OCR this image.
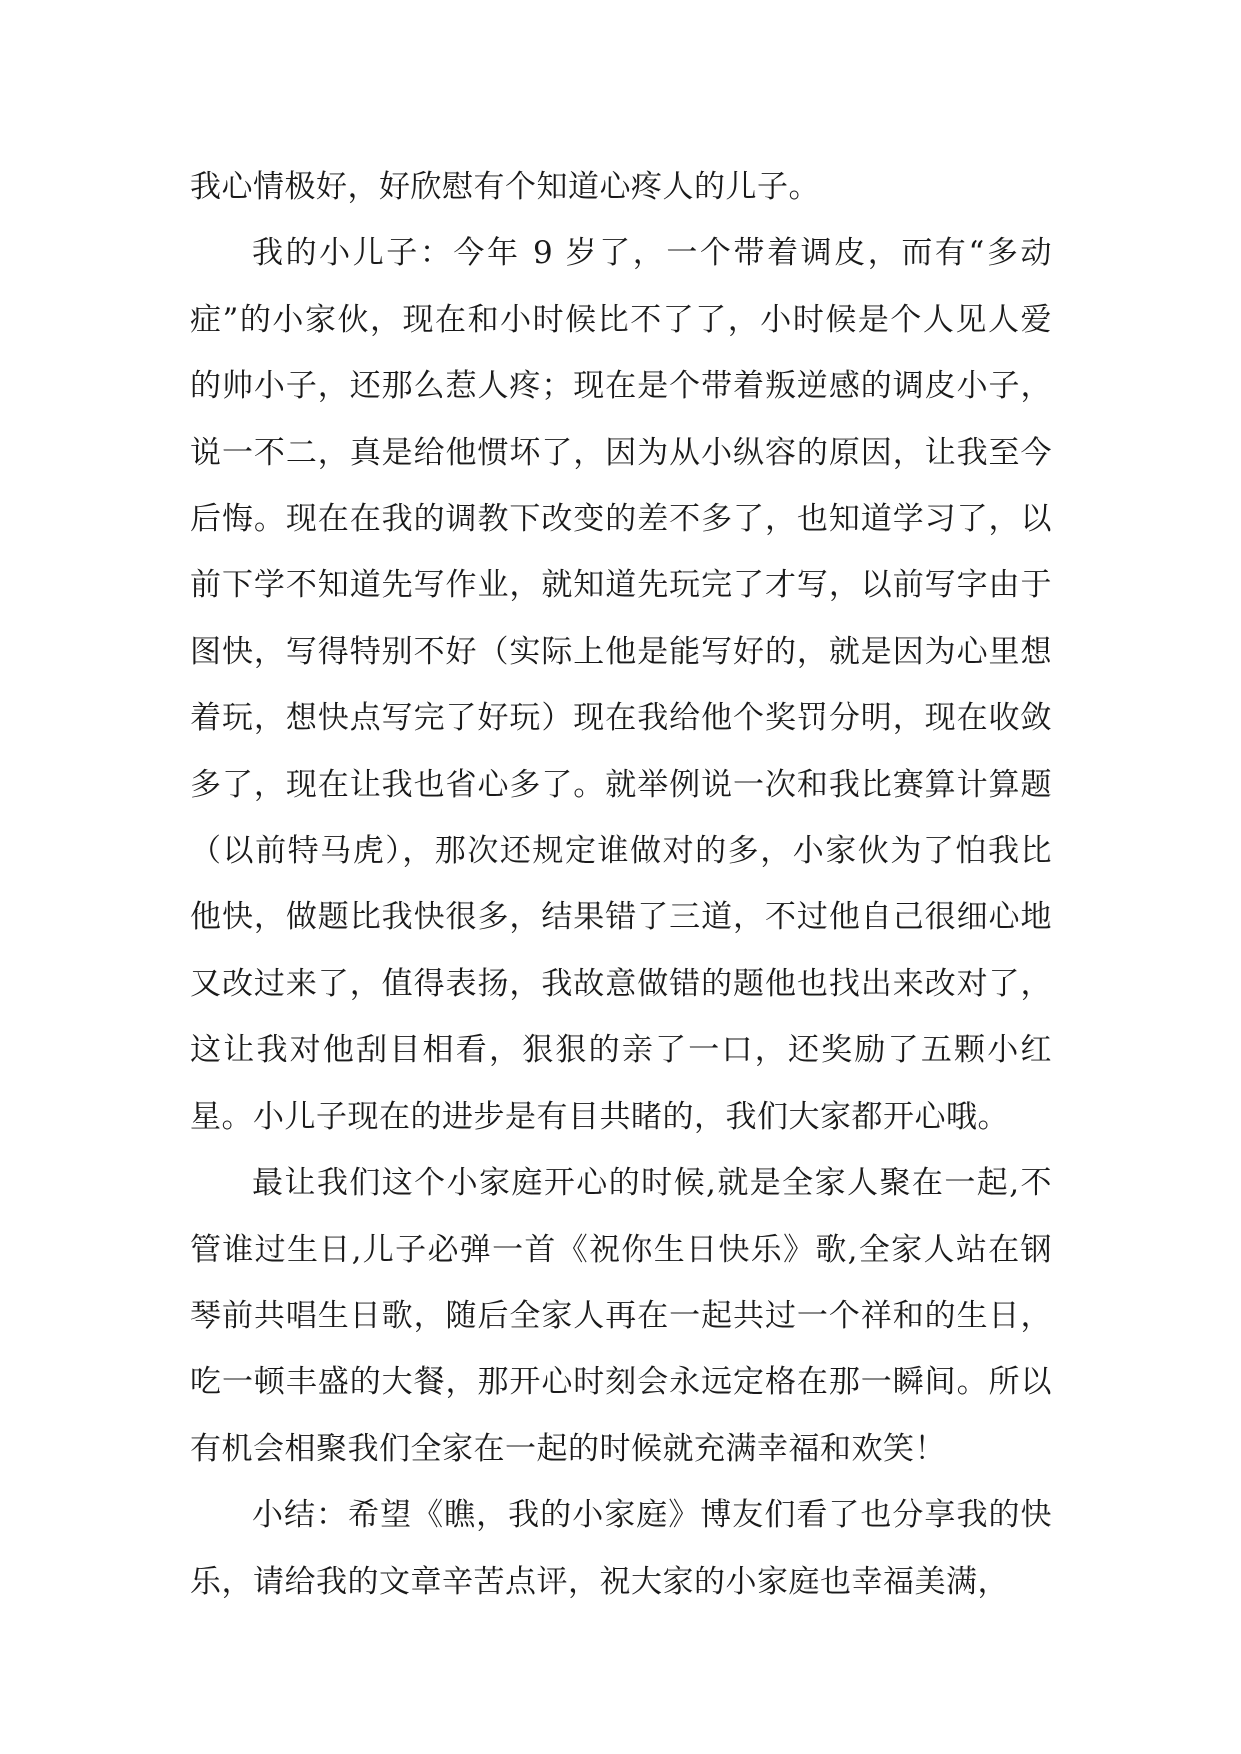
我心情极好，好欣慰有个知道心疼人的儿子。

我的小儿子：今年 9 岁了，一个带着调皮，而有“多动症”的小家伙，现在和小时候比不了了，小时候是个人见人爱的帅小子，还那么惹人疼；现在是个带着叛逆感的调皮小子，说一不二，真是给他惯坏了，因为从小纵容的原因，让我至今后悔。现在在我的调教下改变的差不多了，也知道学习了，以前下学不知道先写作业，就知道先玩完了才写，以前写字由于图快，写得特别不好（实际上他是能写好的，就是因为心里想着玩，想快点写完了好玩）现在我给他个奖罚分明，现在收敛多了，现在让我也省心多了。就举例说一次和我比赛算计算题（以前特马虎），那次还规定谁做对的多，小家伙为了怕我比他快，做题比我快很多，结果错了三道，不过他自己很细心地又改过来了，值得表扬，我故意做错的题他也找出来改对了，这让我对他刮目相看，狠狠的亲了一口，还奖励了五颗小红星。小儿子现在的进步是有目共睹的，我们大家都开心哦。

最让我们这个小家庭开心的时候,就是全家人聚在一起,不管谁过生日,儿子必弹一首《祝你生日快乐》歌,全家人站在钢琴前共唱生日歌，随后全家人再在一起共过一个祥和的生日，吃一顿丰盛的大餐，那开心时刻会永远定格在那一瞬间。所以有机会相聚我们全家在一起的时候就充满幸福和欢笑！

小结：希望《瞧，我的小家庭》博友们看了也分享我的快乐，请给我的文章辛苦点评，祝大家的小家庭也幸福美满，
